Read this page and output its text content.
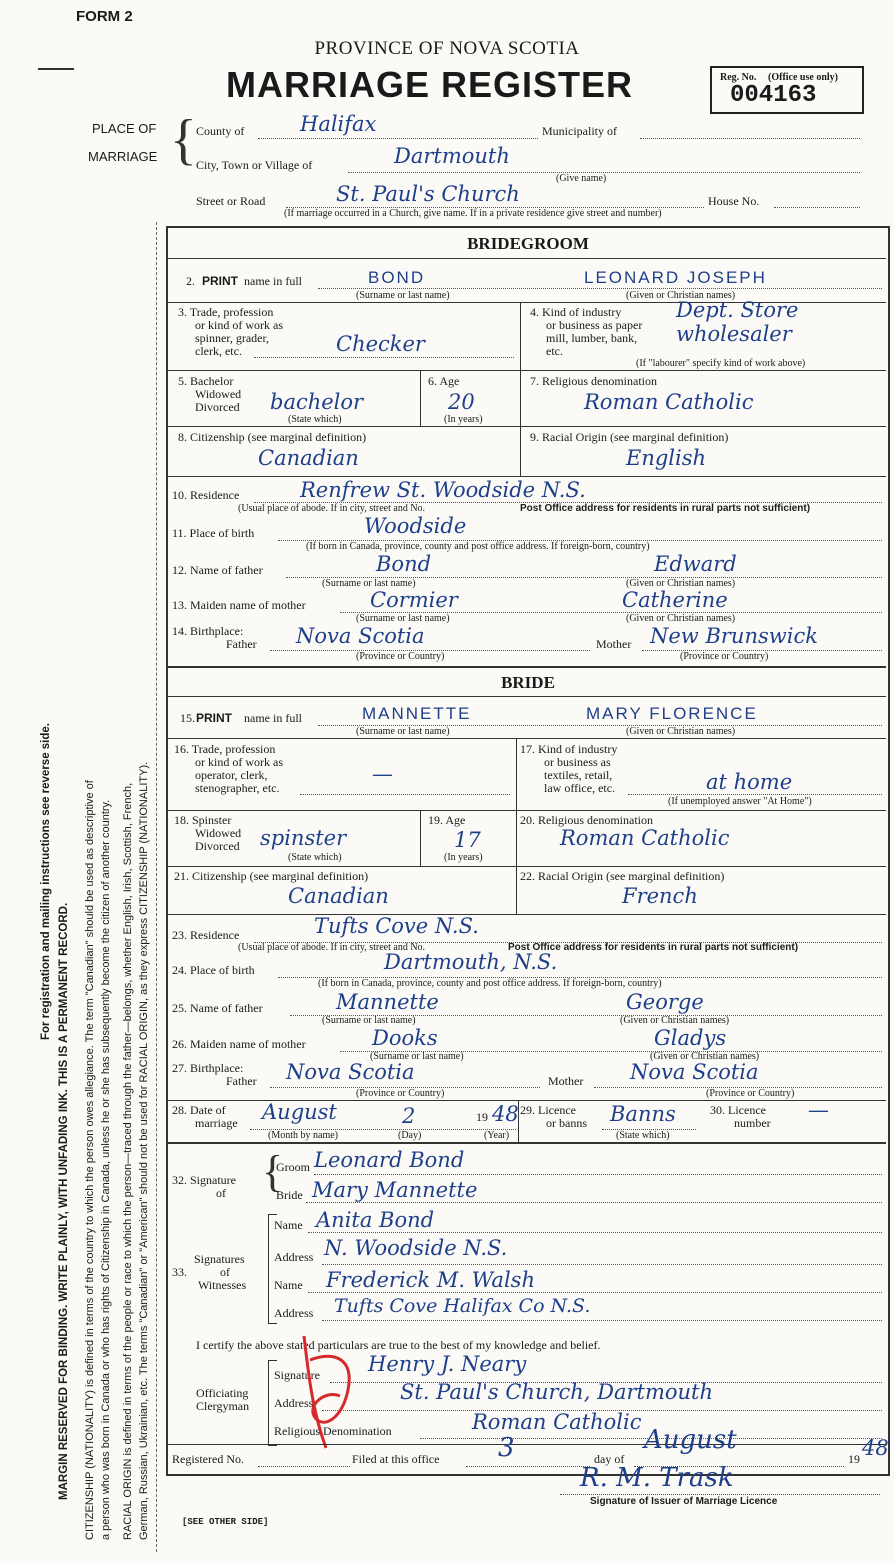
FORM 2
PROVINCE OF NOVA SCOTIA
MARRIAGE REGISTER	Reg. No. (Office use only)
004163
PLACE OF
MARRIAGE { County of	Halifax	Municipality of
City, Town or Village of	Dartmouth
(Give name)
Street or Road	St. Paul's Church	House No.
(If marriage occurred in a Church, give name. If in a private residence give street and number)
For registration and mailing instructions see reverse side.
MARGIN RESERVED FOR BINDING. WRITE PLAINLY, WITH UNFADING INK. THIS IS A PERMANENT RECORD. CITIZENSHIP (NATIONALITY) is defined in terms of the country to which the person owes allegiance. The term "Canadian" should be used as descriptive of a person who was born in Canada or who has rights of Citizenship in Canada, unless he or she has subsequently become the citizen of another country. RACIAL ORIGIN is defined in terms of the people or race to which the person—traced through the father—belongs, whether English, Irish, Scottish, French, German, Russian, Ukrainian, etc. The terms "Canadian" or "American" should not be used for RACIAL ORIGIN, as they express CITIZENSHIP (NATIONALITY).
BRIDEGROOM
2. PRINT name in full	BOND	LEONARD JOSEPH
(Surname or last name)	(Given or Christian names)
3. Trade, profession
or kind of work as
spinner, grader,
clerk, etc.	Checker
4. Kind of industry
or business as paper
mill, lumber, bank,
etc.
Dept. Store
wholesaler
(If "labourer" specify kind of work above)
5. Bachelor
Widowed
Divorced bachelor
(State which)
6. Age
20
(In years)
7. Religious denomination
Roman Catholic
8. Citizenship (see marginal definition)
Canadian
9. Racial Origin (see marginal definition)
English
10. Residence	Renfrew St. Woodside N.S.
(Usual place of abode. If in city, street and No.	Post Office address for residents in rural parts not sufficient)
11. Place of birth	Woodside
(If born in Canada, province, county and post office address. If foreign-born, country)
12. Name of father	Bond	Edward
(Surname or last name)	(Given or Christian names)
13. Maiden name of mother	Cormier	Catherine
(Surname or last name)	(Given or Christian names)
14. Birthplace:
Father Nova Scotia	Mother New Brunswick
(Province or Country)	(Province or Country)
BRIDE
15. PRINT name in full	MANNETTE	MARY FLORENCE
(Surname or last name)	(Given or Christian names)
16. Trade, profession
or kind of work as
operator, clerk,
stenographer, etc.
—
17. Kind of industry
or business as
textiles, retail,
law office, etc.	at home
(If unemployed answer "At Home")
18. Spinster
Widowed
Divorced spinster
(State which)
19. Age
17
(In years)
20. Religious denomination
Roman Catholic
21. Citizenship (see marginal definition)
Canadian
22. Racial Origin (see marginal definition)
French
23. Residence	Tufts Cove N.S.
(Usual place of abode. If in city, street and No.	Post Office address for residents in rural parts not sufficient)
24. Place of birth	Dartmouth, N.S.
(If born in Canada, province, county and post office address. If foreign-born, country)
25. Name of father	Mannette	George
(Surname or last name)	(Given or Christian names)
26. Maiden name of mother	Dooks	Gladys
(Surname or last name)	(Given or Christian names)
27. Birthplace:
Father Nova Scotia	Mother Nova Scotia
(Province or Country)	(Province or Country)
28. Date of
marriage August	2	19 48
(Month by name)	(Day)	(Year)
29. Licence
or banns Banns
(State which)
30. Licence
number
—
32. Signature
of {
Groom Leonard Bond
Bride Mary Mannette
33.
Signatures
of
Witnesses
Name Anita Bond
Address N. Woodside N.S.
Name Frederick M. Walsh
Address Tufts Cove Halifax Co N.S.
I certify the above stated particulars are true to the best of my knowledge and belief.
Officiating
Clergyman
Signature Henry J. Neary
Address	St. Paul's Church, Dartmouth
Religious Denomination	Roman Catholic
Registered No.	Filed at this office 3	day of
August
19 48
R. M. Trask
Signature of Issuer of Marriage Licence
[SEE OTHER SIDE]
